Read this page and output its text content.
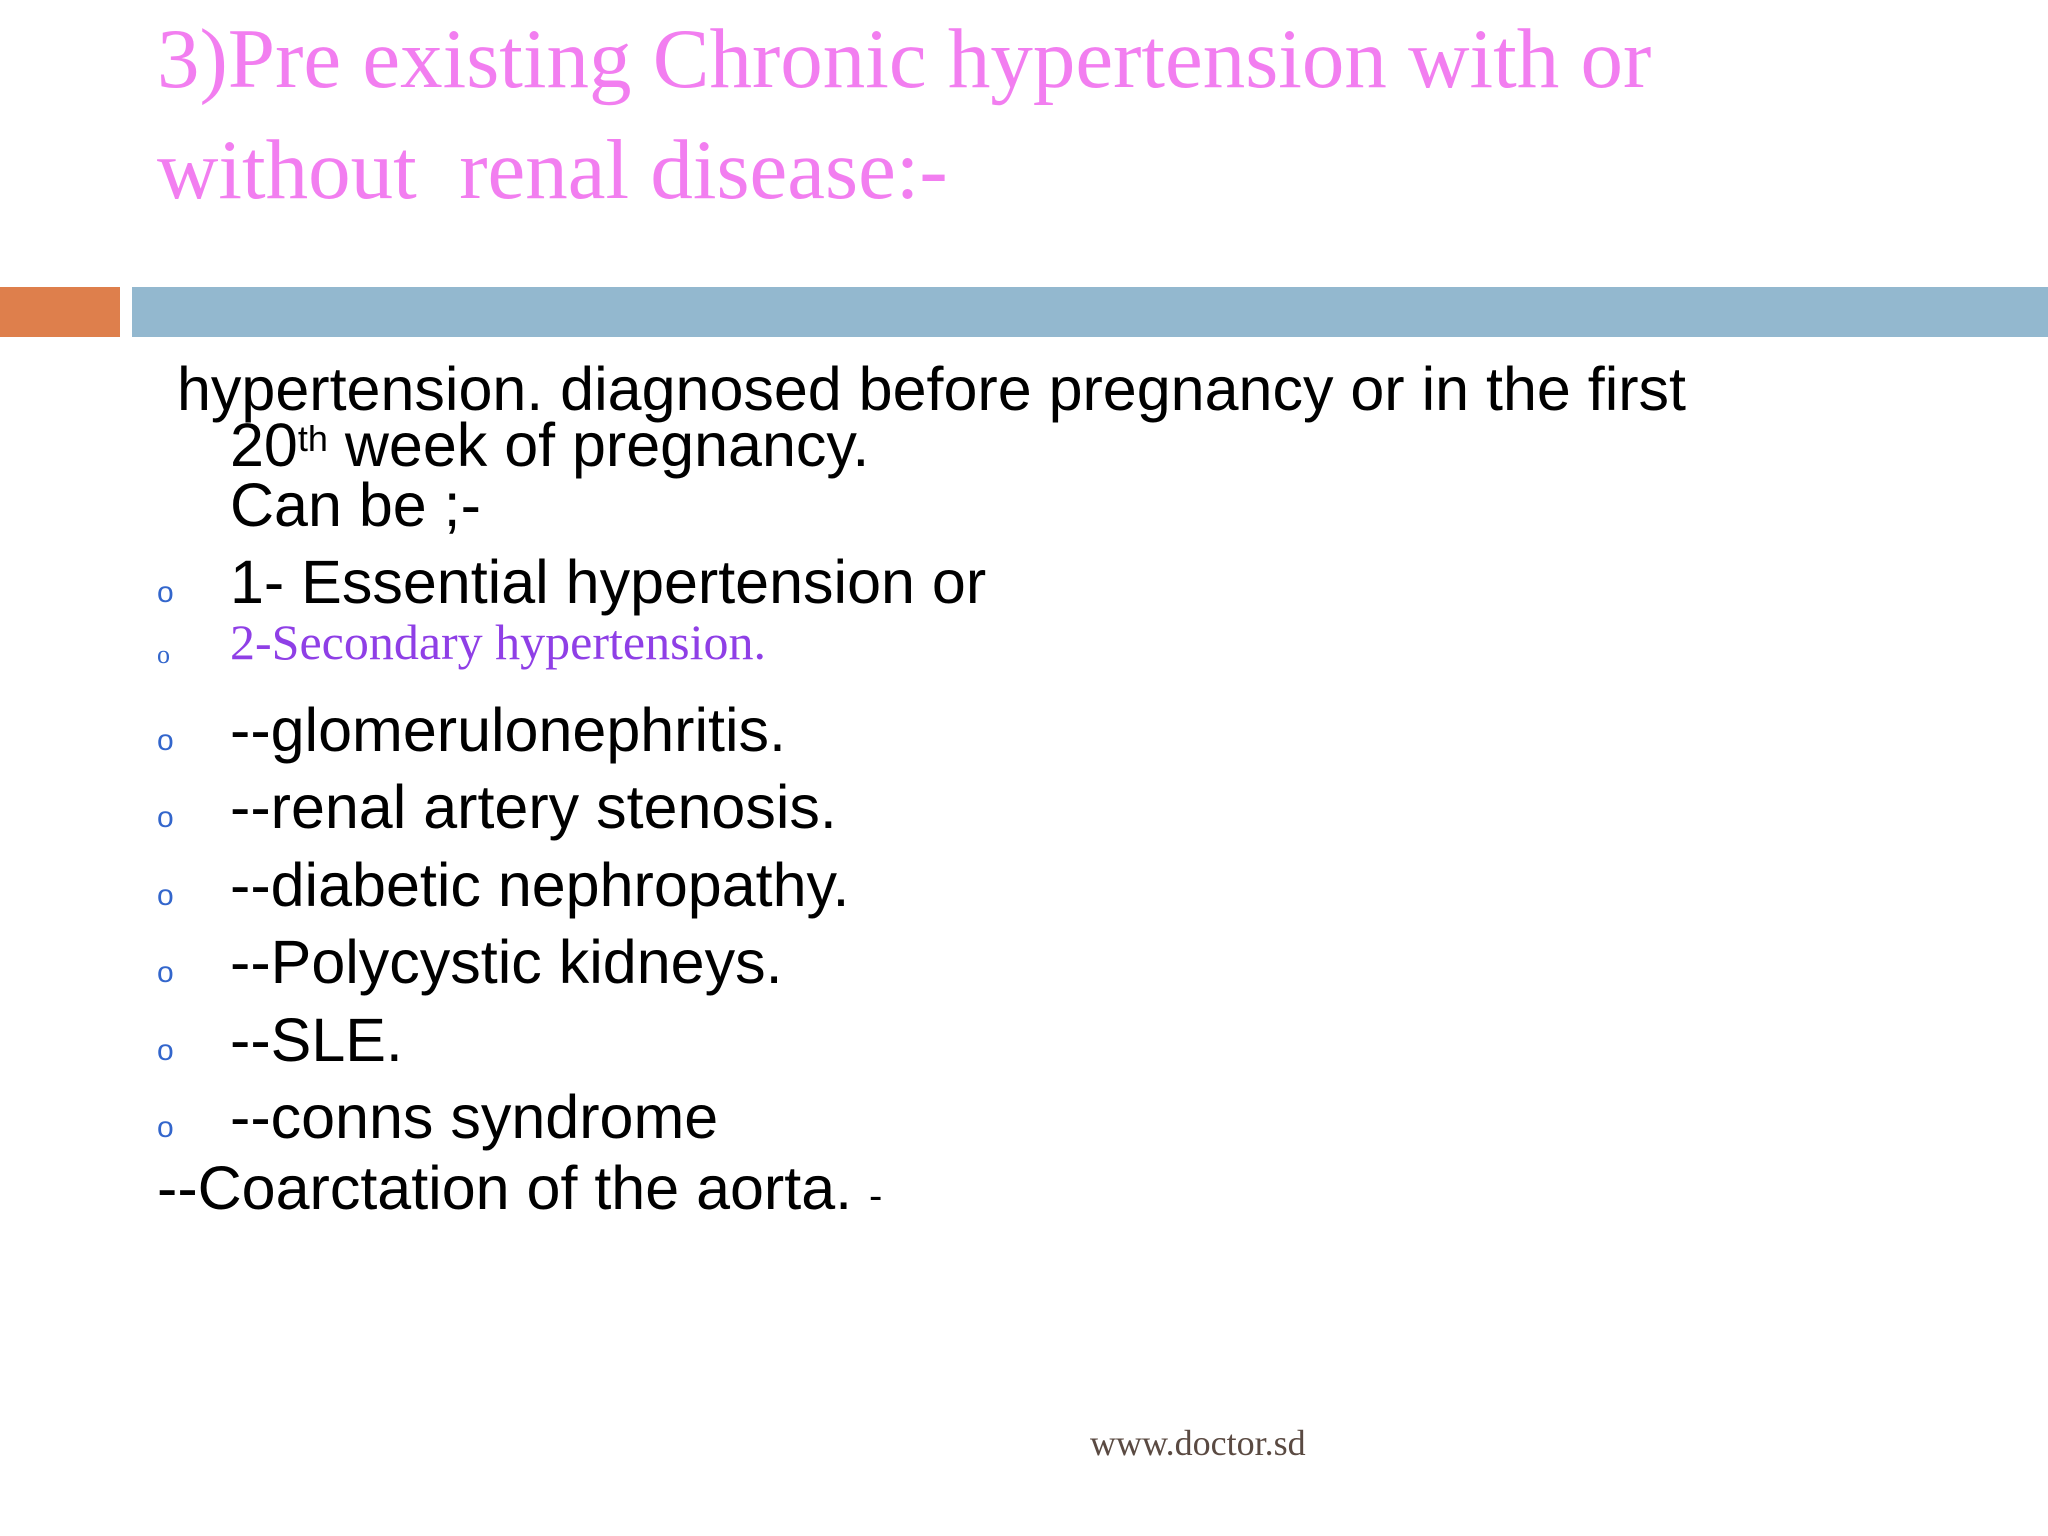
3)Pre existing Chronic hypertension with or
without  renal disease:-
hypertension. diagnosed before pregnancy or in the first
20th week of pregnancy.
Can be ;-
o 1- Essential hypertension or
o 2-Secondary hypertension.
o --glomerulonephritis.
o --renal artery stenosis.
o --diabetic nephropathy.
o --Polycystic kidneys.
o --SLE.
o --conns syndrome
--Coarctation of the aorta. -
www.doctor.sd
